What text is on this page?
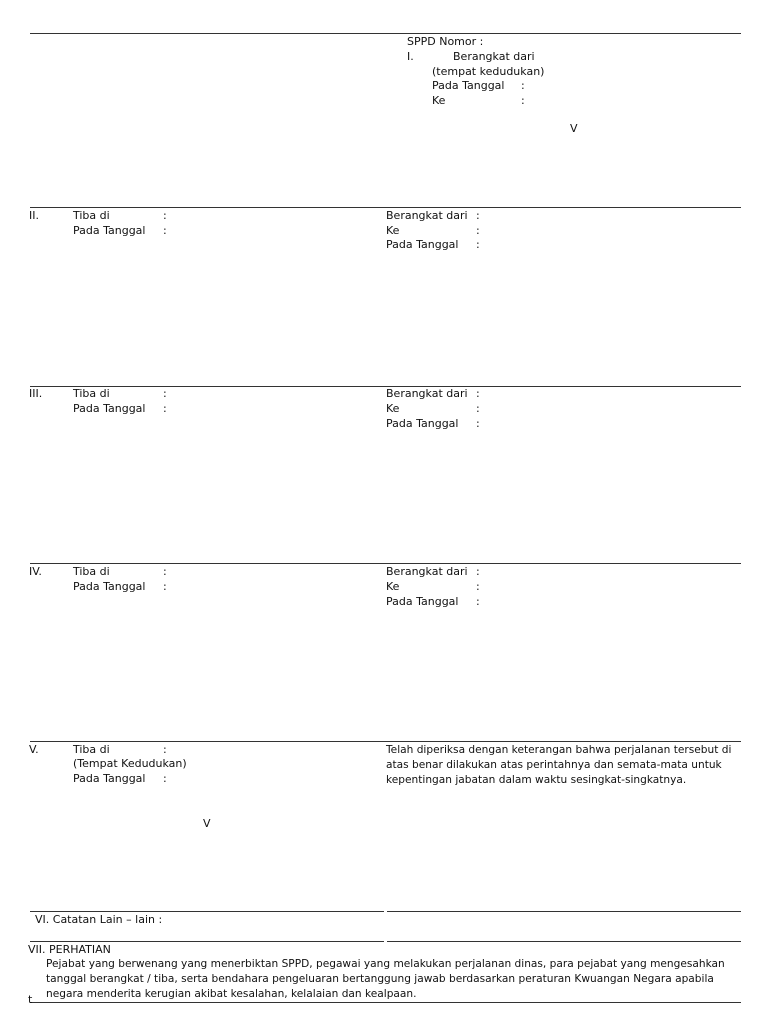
SPPD Nomor :
I.	Berangkat dari
(tempat kedudukan)
Pada Tanggal :
Ke	:
V
II.	Tiba di	:
Pada Tanggal :
Berangkat dari :
Ke	:
Pada Tanggal :
III.	Tiba di	:
Pada Tanggal :
Berangkat dari :
Ke	:
Pada Tanggal :
IV.	Tiba di	:
Pada Tanggal :
Berangkat dari :
Ke	:
Pada Tanggal :
V.	Tiba di	:
(Tempat Kedudukan)
Pada Tanggal :
V
Telah diperiksa dengan keterangan bahwa perjalanan tersebut di atas benar dilakukan atas perintahnya dan semata-mata untuk kepentingan jabatan dalam waktu sesingkat-singkatnya.
VI. Catatan Lain – lain :
VII. PERHATIAN
Pejabat yang berwenang yang menerbiktan SPPD, pegawai yang melakukan perjalanan dinas, para pejabat yang mengesahkan tanggal berangkat / tiba, serta bendahara pengeluaran bertanggung jawab berdasarkan peraturan Kwuangan Negara apabila negara menderita kerugian akibat kesalahan, kelalaian dan kealpaan.
t
